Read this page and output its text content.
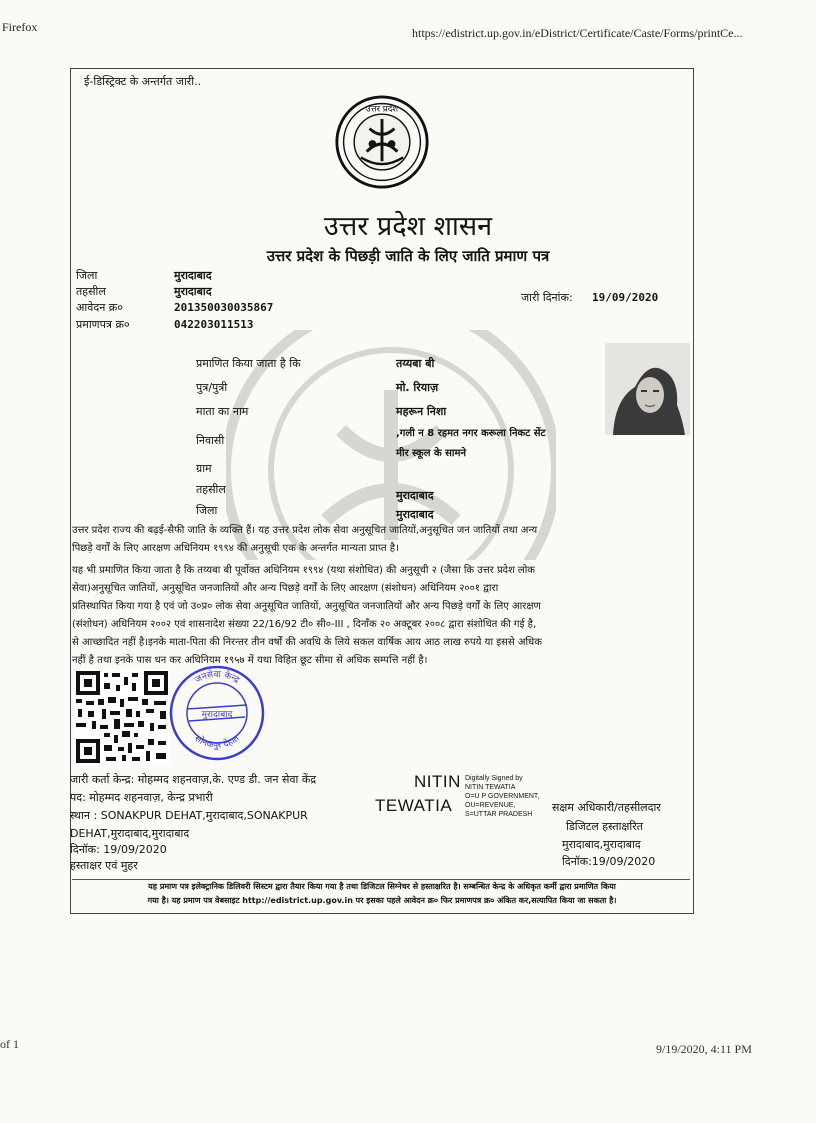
Firefox	https://edistrict.up.gov.in/eDistrict/Certificate/Caste/Forms/printCe...
of 1	9/19/2020, 4:11 PM
ई-डिस्ट्रिक्ट के अन्तर्गत जारी..
उत्तर प्रदेश
उत्तर प्रदेश शासन
उत्तर प्रदेश के पिछड़ी जाति के लिए जाति प्रमाण पत्र
जिला	मुरादाबाद
तहसील	मुरादाबाद
आवेदन क्र०	201350030035867
प्रमाणपत्र क्र०	042203011513
जारी दिनांक: 19/09/2020
प्रमाणित किया जाता है कि	तय्यबा बी
पुत्र/पुत्री	मो. रियाज़
माता का नाम	महरून निशा
निवासी
,गली न 8 रहमत नगर करूला निकट सेंट
मीर स्कूल के सामने
ग्राम
तहसील	मुरादाबाद
जिला	मुरादाबाद
उत्तर प्रदेश राज्य की बढ़ई-सैफी जाति के व्यक्ति हैं। यह उत्तर प्रदेश लोक सेवा अनुसूचित जातियों,अनुसूचित जन जातियों तथा अन्य
पिछड़े वर्गों के लिए आरक्षण अधिनियम १९९४ की अनुसूची एक के अन्तर्गत मान्यता प्राप्त है।
यह भी प्रमाणित किया जाता है कि तय्यबा बी पूर्वोक्त अधिनियम १९९४ (यथा संशोधित) की अनुसूची २ (जैसा कि उत्तर प्रदेश लोक
सेवा)अनुसूचित जातियों, अनुसूचित जनजातियों और अन्य पिछड़े वर्गों के लिए आरक्षण (संशोधन) अधिनियम २००१ द्वारा
प्रतिस्थापित किया गया है एवं जो उ०प्र० लोक सेवा अनुसूचित जातियों, अनुसूचित जनजातियों और अन्य पिछड़े वर्गों के लिए आरक्षण
(संशोधन) अधिनियम २००२ एवं शासनादेश संख्या 22/16/92 टी० सी०-III , दिनाँक २० अक्टूबर २००८ द्वारा संशोधित की गई है,
से आच्छादित नहीं है।इनके माता-पिता की निरन्तर तीन वर्षों की अवधि के लिये सकल वार्षिक आय आठ लाख रुपये या इससे अधिक
नहीं है तथा इनके पास धन कर अधिनियम १९५७ में यथा विहित छूट सीमा से अधिक सम्पत्ति नहीं है।
जनसेवा केन्द्र
सोनकपुर देहात
मुरादाबाद
जारी कर्ता केन्द्र: मोहम्मद शहनवाज़,के. एण्ड डी. जन सेवा केंद्र
पद: मोहम्मद शहनवाज़, केन्द्र प्रभारी
स्थान : SONAKPUR DEHAT,मुरादाबाद,SONAKPUR
DEHAT,मुरादाबाद,मुरादाबाद
दिनॉक: 19/09/2020
हस्ताक्षर एवं मुहर
NITIN
TEWATIA
Digitally Signed by
NITIN TEWATIA
O=U P GOVERNMENT,
OU=REVENUE,
S=UTTAR PRADESH
सक्षम अधिकारी/तहसीलदार
डिजिटल हस्ताक्षरित
मुरादाबाद,मुरादाबाद
दिनॉक:19/09/2020
यह प्रमाण पत्र इलेक्ट्रानिक डिलिवरी सिस्टम द्वारा तैयार किया गया है तथा डिजिटल सिग्नेचर से हस्ताक्षरित है। सम्बन्धित केन्द्र के अधिकृत कर्मी द्वारा प्रमाणित किया
गया है। यह प्रमाण पत्र वेबसाइट http://edistrict.up.gov.in पर इसका पहले आवेदन क्र० फिर प्रमाणपत्र क्र० अंकित कर,सत्यापित किया जा सकता है।
